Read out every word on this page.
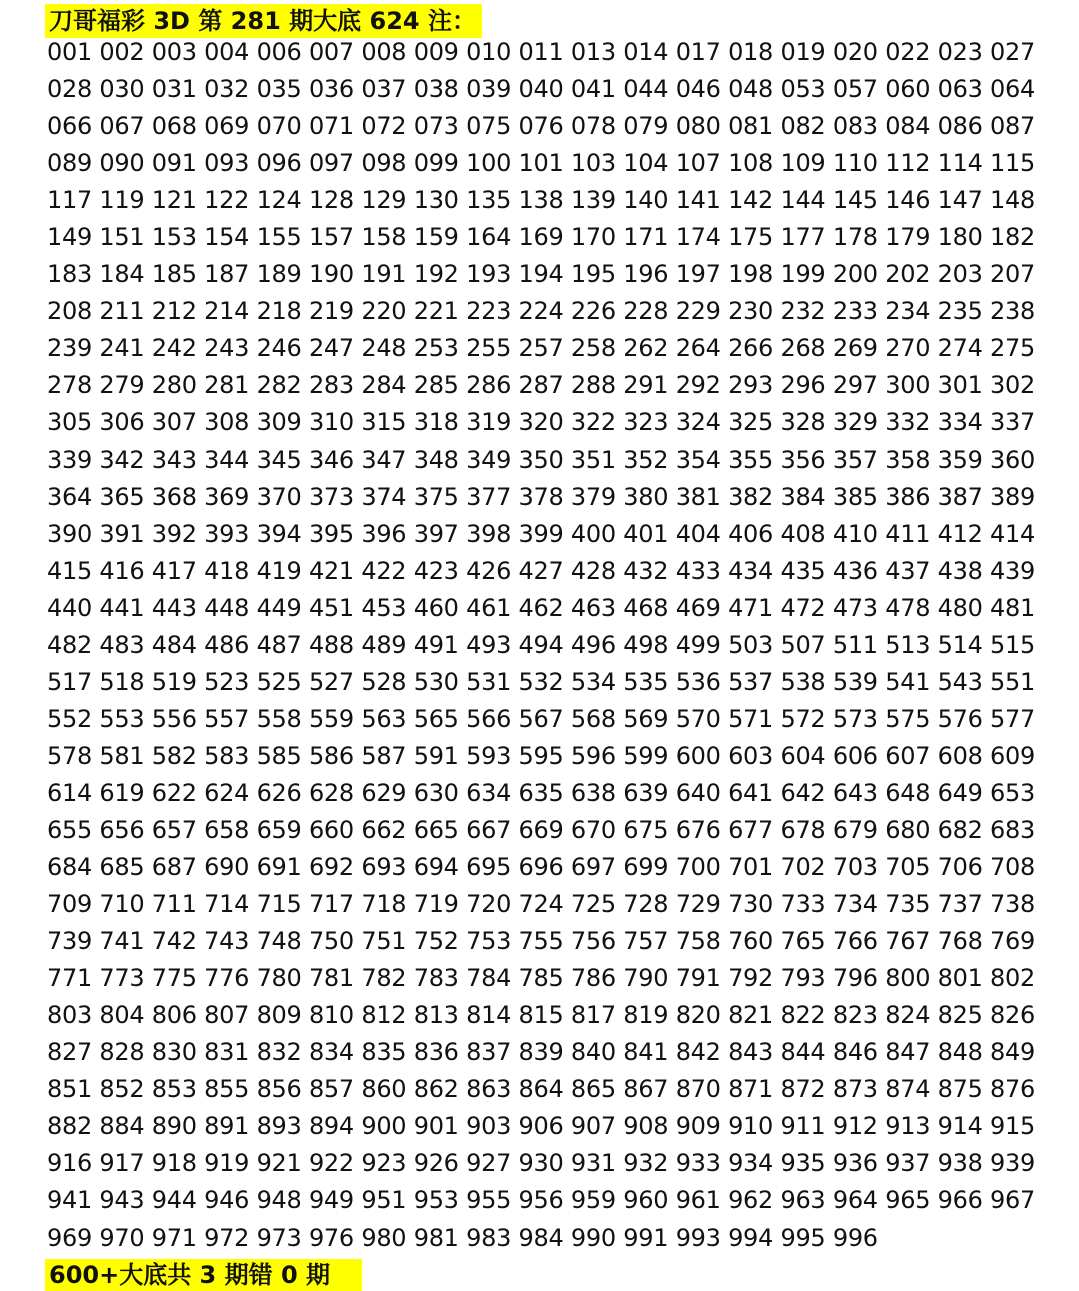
刀哥福彩 3D 第 281 期大底 624 注：
001 002 003 004 006 007 008 009 010 011 013 014 017 018 019 020 022 023 027
028 030 031 032 035 036 037 038 039 040 041 044 046 048 053 057 060 063 064
066 067 068 069 070 071 072 073 075 076 078 079 080 081 082 083 084 086 087
089 090 091 093 096 097 098 099 100 101 103 104 107 108 109 110 112 114 115
117 119 121 122 124 128 129 130 135 138 139 140 141 142 144 145 146 147 148
149 151 153 154 155 157 158 159 164 169 170 171 174 175 177 178 179 180 182
183 184 185 187 189 190 191 192 193 194 195 196 197 198 199 200 202 203 207
208 211 212 214 218 219 220 221 223 224 226 228 229 230 232 233 234 235 238
239 241 242 243 246 247 248 253 255 257 258 262 264 266 268 269 270 274 275
278 279 280 281 282 283 284 285 286 287 288 291 292 293 296 297 300 301 302
305 306 307 308 309 310 315 318 319 320 322 323 324 325 328 329 332 334 337
339 342 343 344 345 346 347 348 349 350 351 352 354 355 356 357 358 359 360
364 365 368 369 370 373 374 375 377 378 379 380 381 382 384 385 386 387 389
390 391 392 393 394 395 396 397 398 399 400 401 404 406 408 410 411 412 414
415 416 417 418 419 421 422 423 426 427 428 432 433 434 435 436 437 438 439
440 441 443 448 449 451 453 460 461 462 463 468 469 471 472 473 478 480 481
482 483 484 486 487 488 489 491 493 494 496 498 499 503 507 511 513 514 515
517 518 519 523 525 527 528 530 531 532 534 535 536 537 538 539 541 543 551
552 553 556 557 558 559 563 565 566 567 568 569 570 571 572 573 575 576 577
578 581 582 583 585 586 587 591 593 595 596 599 600 603 604 606 607 608 609
614 619 622 624 626 628 629 630 634 635 638 639 640 641 642 643 648 649 653
655 656 657 658 659 660 662 665 667 669 670 675 676 677 678 679 680 682 683
684 685 687 690 691 692 693 694 695 696 697 699 700 701 702 703 705 706 708
709 710 711 714 715 717 718 719 720 724 725 728 729 730 733 734 735 737 738
739 741 742 743 748 750 751 752 753 755 756 757 758 760 765 766 767 768 769
771 773 775 776 780 781 782 783 784 785 786 790 791 792 793 796 800 801 802
803 804 806 807 809 810 812 813 814 815 817 819 820 821 822 823 824 825 826
827 828 830 831 832 834 835 836 837 839 840 841 842 843 844 846 847 848 849
851 852 853 855 856 857 860 862 863 864 865 867 870 871 872 873 874 875 876
882 884 890 891 893 894 900 901 903 906 907 908 909 910 911 912 913 914 915
916 917 918 919 921 922 923 926 927 930 931 932 933 934 935 936 937 938 939
941 943 944 946 948 949 951 953 955 956 959 960 961 962 963 964 965 966 967
969 970 971 972 973 976 980 981 983 984 990 991 993 994 995 996
600+大底共 3 期错 0 期
